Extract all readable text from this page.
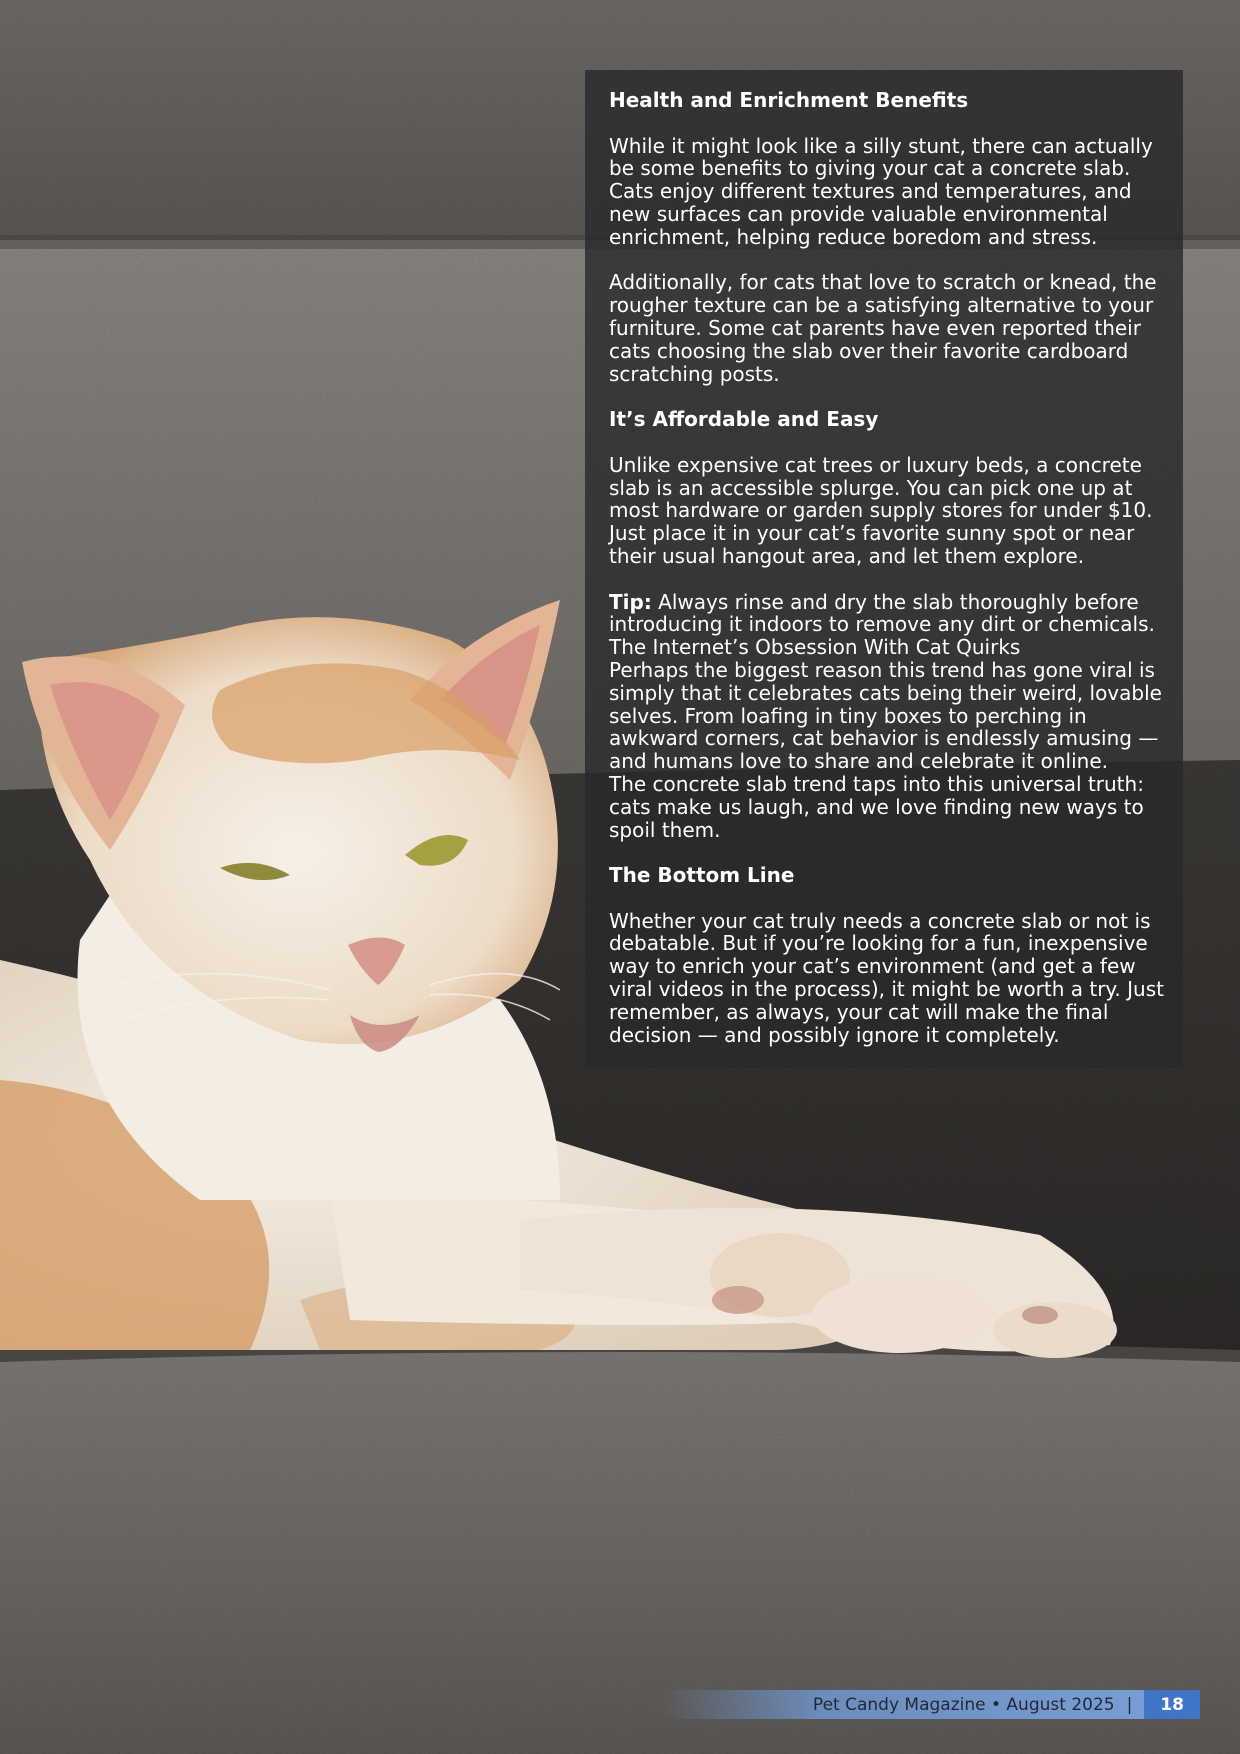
Health and Enrichment Benefits

While it might look like a silly stunt, there can actually be some benefits to giving your cat a concrete slab. Cats enjoy different textures and temperatures, and new surfaces can provide valuable environmental enrichment, helping reduce boredom and stress.

Additionally, for cats that love to scratch or knead, the rougher texture can be a satisfying alternative to your furniture. Some cat parents have even reported their cats choosing the slab over their favorite cardboard scratching posts.

It’s Affordable and Easy

Unlike expensive cat trees or luxury beds, a concrete slab is an accessible splurge. You can pick one up at most hardware or garden supply stores for under $10. Just place it in your cat’s favorite sunny spot or near their usual hangout area, and let them explore.

Tip: Always rinse and dry the slab thoroughly before introducing it indoors to remove any dirt or chemicals.

The Internet’s Obsession With Cat Quirks

Perhaps the biggest reason this trend has gone viral is simply that it celebrates cats being their weird, lovable selves. From loafing in tiny boxes to perching in awkward corners, cat behavior is endlessly amusing — and humans love to share and celebrate it online.

The concrete slab trend taps into this universal truth: cats make us laugh, and we love finding new ways to spoil them.

The Bottom Line

Whether your cat truly needs a concrete slab or not is debatable. But if you’re looking for a fun, inexpensive way to enrich your cat’s environment (and get a few viral videos in the process), it might be worth a try. Just remember, as always, your cat will make the final decision — and possibly ignore it completely.

Pet Candy Magazine • August 2025 |	18
